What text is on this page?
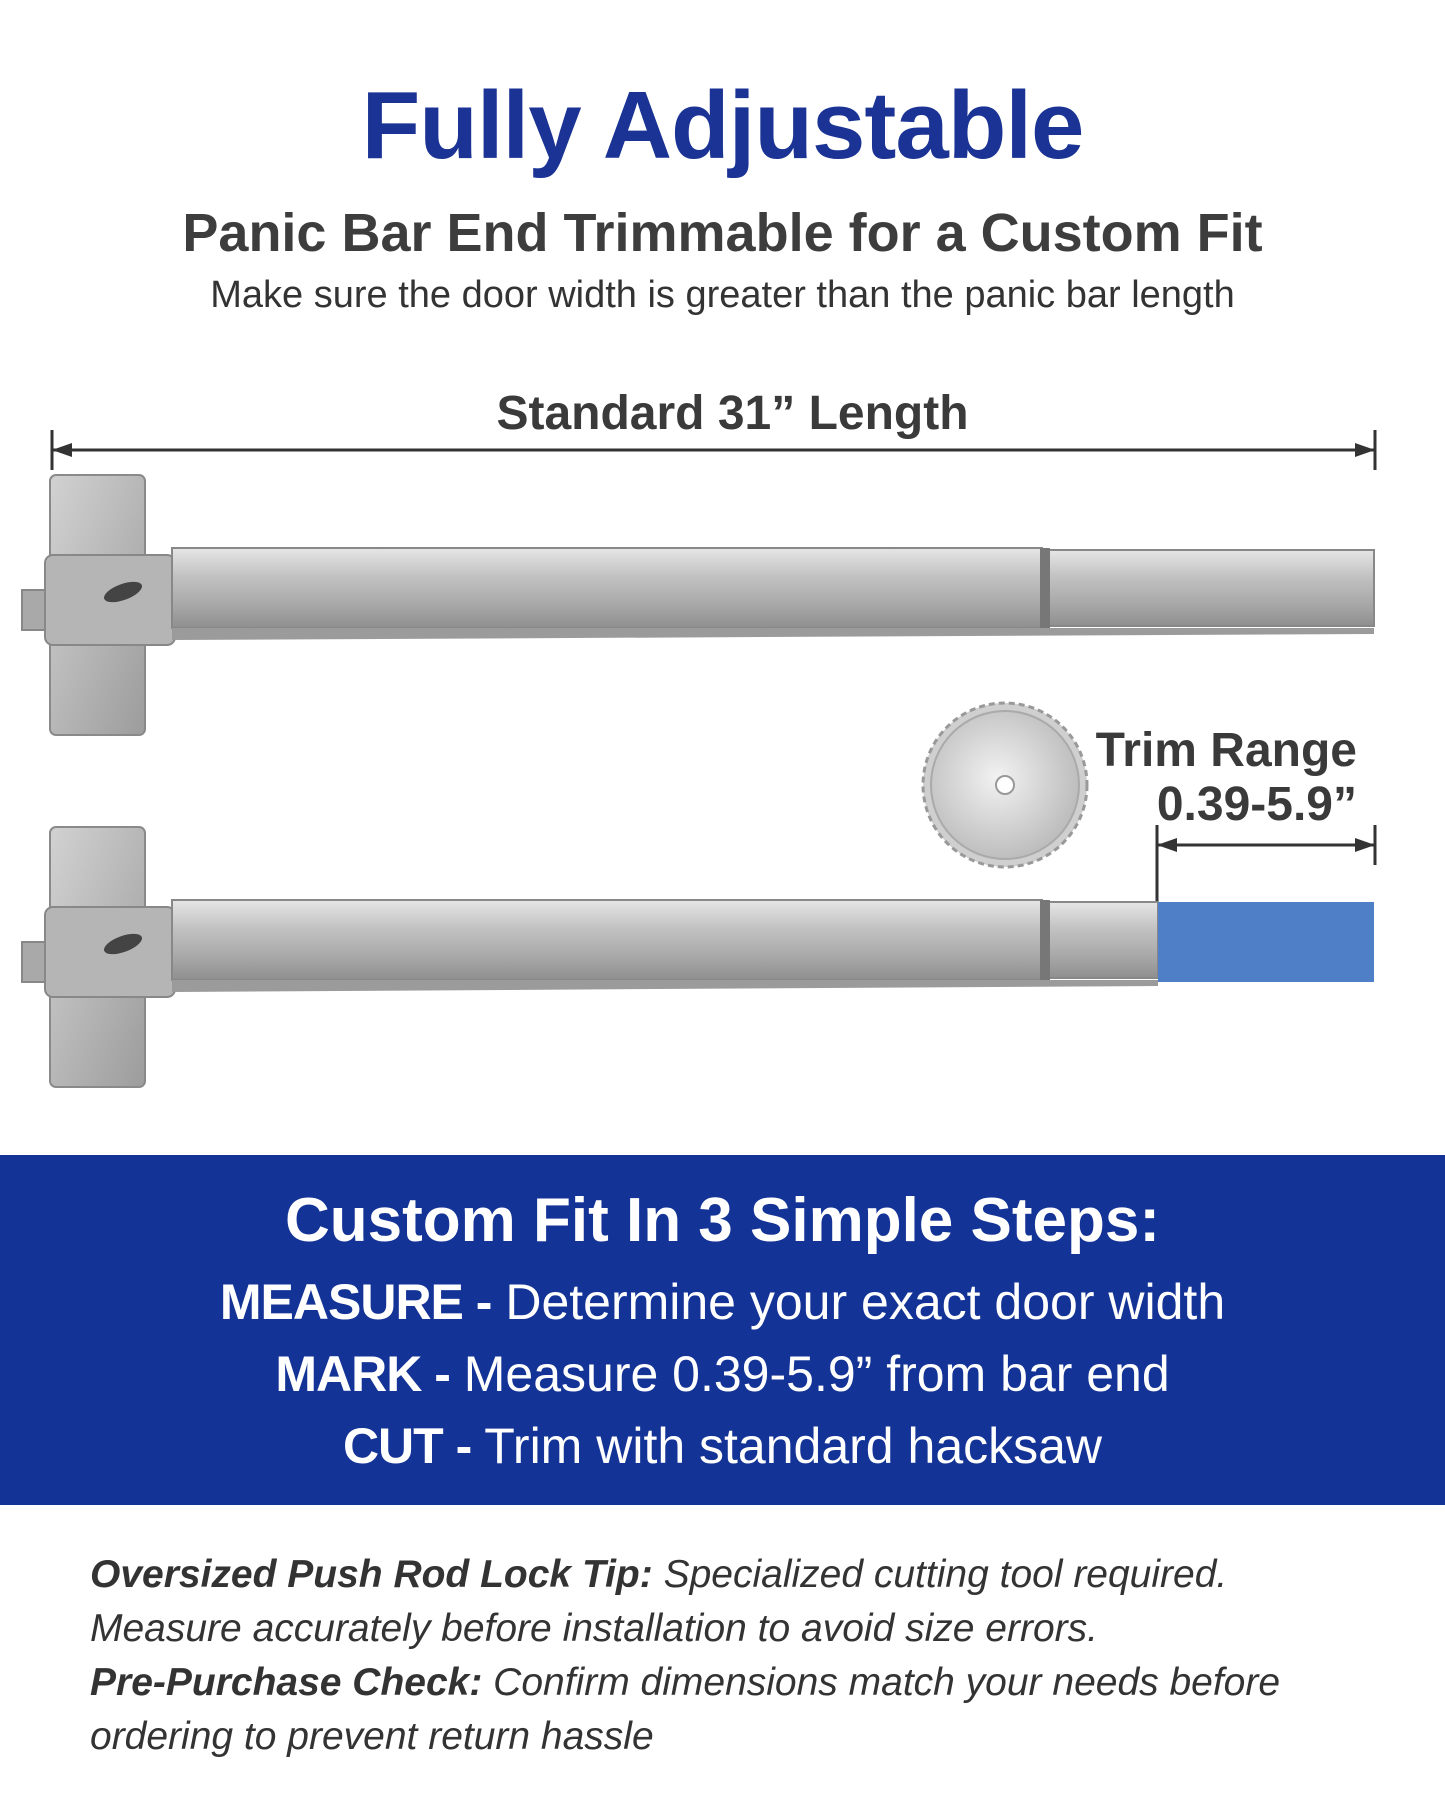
Fully Adjustable
Panic Bar End Trimmable for a Custom Fit
Make sure the door width is greater than the panic bar length
Standard 31” Length
Trim Range
0.39-5.9”
Custom Fit In 3 Simple Steps:
MEASURE - Determine your exact door width
MARK - Measure 0.39-5.9” from bar end
CUT - Trim with standard hacksaw
Oversized Push Rod Lock Tip: Specialized cutting tool required. Measure accurately before installation to avoid size errors.
Pre-Purchase Check: Confirm dimensions match your needs before ordering to prevent return hassle
